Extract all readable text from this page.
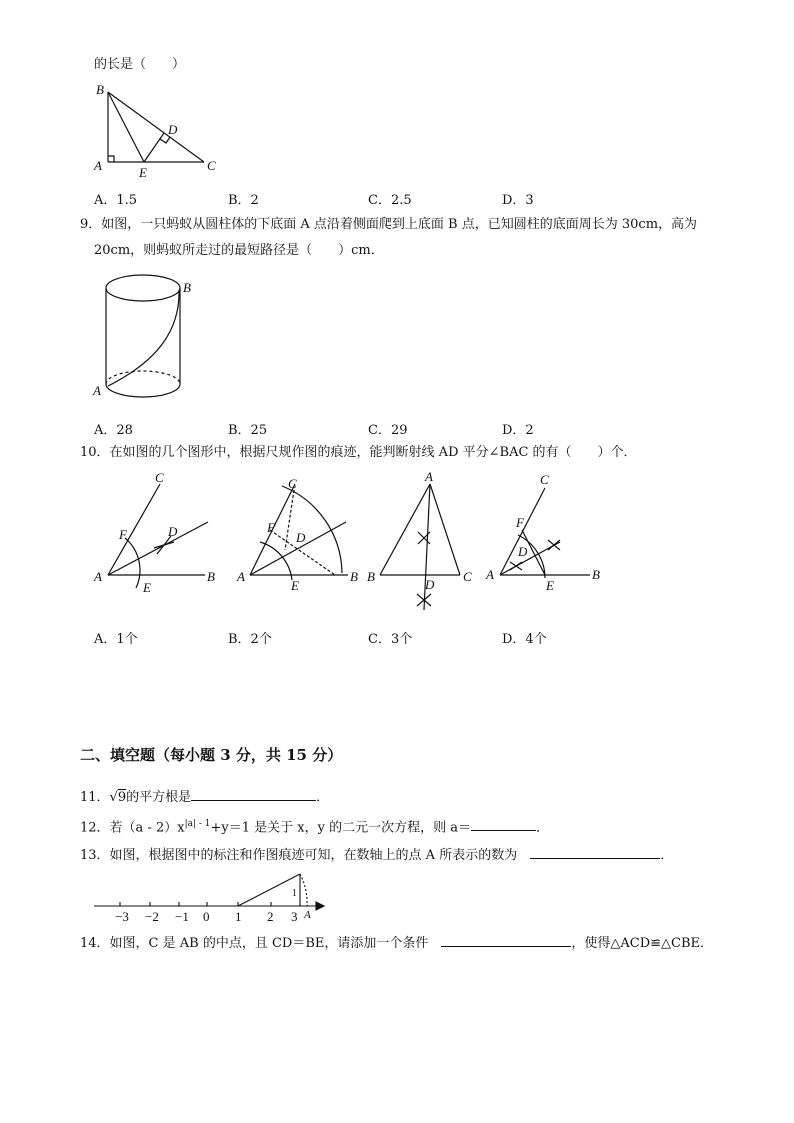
的长是（　　）
B
A	E	C
D
A．1.5	B．2	C．2.5	D．3
9．如图，一只蚂蚁从圆柱体的下底面 A 点沿着侧面爬到上底面 B 点，已知圆柱的底面周长为 30cm，高为
20cm，则蚂蚁所走过的最短路径是（　　）cm．
B
A
A．28	B．25	C．29	D．2
10．在如图的几个图形中，根据尺规作图的痕迹，能判断射线 AD 平分∠BAC 的有（　　）个．
A	B
C
D
E
F
A	B
C
D
E
F
A
B	C
D
A	B
C
D
E
F
A．1个	B．2个	C．3个	D．4个
二、填空题（每小题 3 分，共 15 分）
11．√9的平方根是	．
12．若$(a - 2)x^{|a| - 1}+y=1$ 是关于 x，y 的二元一次方程，则 a＝	．
13．如图，根据图中的标注和作图痕迹可知，在数轴上的点 A 所表示的数为　	．
−3 −2 −1 0 1 2 3 A
1
14．如图，C 是 AB 的中点，且 CD＝BE，请添加一个条件　	，使得△ACD≌△CBE．
